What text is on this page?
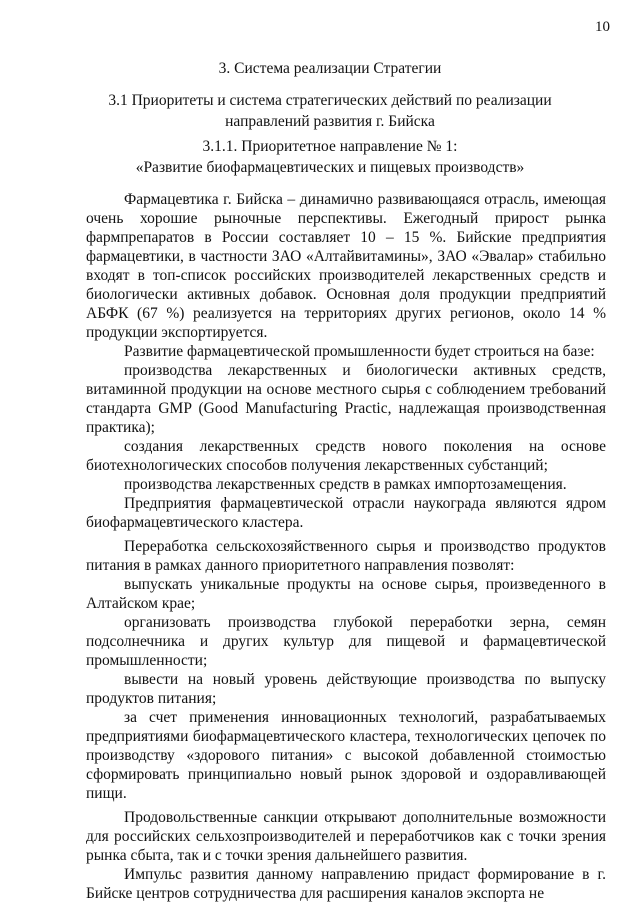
10
3. Система реализации Стратегии
3.1 Приоритеты и система стратегических действий по реализации направлений развития г. Бийска
3.1.1. Приоритетное направление № 1:
«Развитие биофармацевтических и пищевых производств»

Фармацевтика г. Бийска – динамично развивающаяся отрасль, имеющая очень хорошие рыночные перспективы. Ежегодный прирост рынка фармпрепаратов в России составляет 10 – 15 %. Бийские предприятия фармацевтики, в частности ЗАО «Алтайвитамины», ЗАО «Эвалар» стабильно входят в топ-список российских производителей лекарственных средств и биологически активных добавок. Основная доля продукции предприятий АБФК (67 %) реализуется на территориях других регионов, около 14 % продукции экспортируется.

Развитие фармацевтической промышленности будет строиться на базе:

производства лекарственных и биологически активных средств, витаминной продукции на основе местного сырья с соблюдением требований стандарта GMP (Good Manufacturing Practic, надлежащая производственная практика);

создания лекарственных средств нового поколения на основе биотехнологических способов получения лекарственных субстанций;

производства лекарственных средств в рамках импортозамещения.

Предприятия фармацевтической отрасли наукограда являются ядром биофармацевтического кластера.

Переработка сельскохозяйственного сырья и производство продуктов питания в рамках данного приоритетного направления позволят:

выпускать уникальные продукты на основе сырья, произведенного в Алтайском крае;

организовать производства глубокой переработки зерна, семян подсолнечника и других культур для пищевой и фармацевтической промышленности;

вывести на новый уровень действующие производства по выпуску продуктов питания;

за счет применения инновационных технологий, разрабатываемых предприятиями биофармацевтического кластера, технологических цепочек по производству «здорового питания» с высокой добавленной стоимостью сформировать принципиально новый рынок здоровой и оздоравливающей пищи.

Продовольственные санкции открывают дополнительные возможности для российских сельхозпроизводителей и переработчиков как с точки зрения рынка сбыта, так и с точки зрения дальнейшего развития.

Импульс развития данному направлению придаст формирование в г. Бийске центров сотрудничества для расширения каналов экспорта не
